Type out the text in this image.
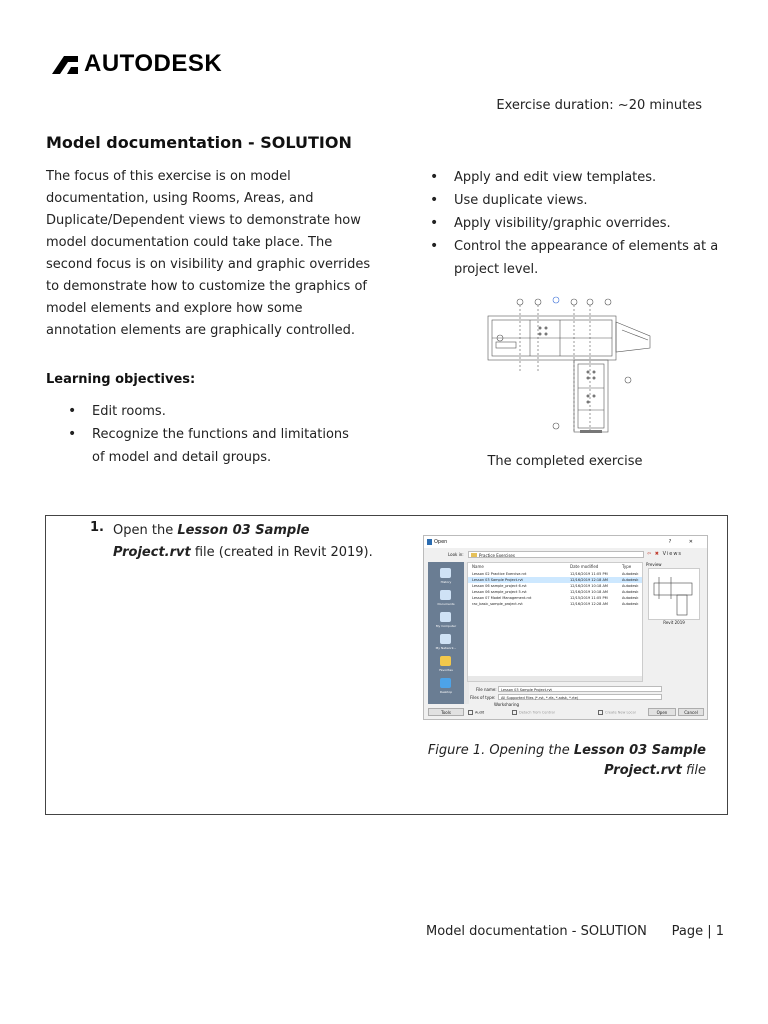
AUTODESK
Exercise duration: ~20 minutes
Model documentation - SOLUTION
The focus of this exercise is on model documentation, using Rooms, Areas, and Duplicate/Dependent views to demonstrate how model documentation could take place. The second focus is on visibility and graphic overrides to demonstrate how to customize the graphics of model elements and explore how some annotation elements are graphically controlled.
Learning objectives:
• Edit rooms.
• Recognize the functions and limitations of model and detail groups.
• Apply and edit view templates.
• Use duplicate views.
• Apply visibility/graphic overrides.
• Control the appearance of elements at a project level.
The completed exercise
1. Open the Lesson 03 Sample Project.rvt file (created in Revit 2019).
Open	? ✕
Look in:	Practice Exercises	⇦ ✖ Views
History
Documents
My Computer
My Network...
Favorites
Desktop
Name	Date modified	Type
Lesson 02 Practice Exercise.rvt	12/16/2019 11:05 PM	Autodesk
Lesson 03 Sample Project.rvt	12/16/2019 12:18 AM	Autodesk
Lesson 06 sample_project 6.rvt	12/16/2019 10:18 AM	Autodesk
Lesson 06 sample_project 5.rvt	12/16/2019 10:18 AM	Autodesk
Lesson 07 Model Management.rvt	12/15/2019 11:05 PM	Autodesk
rac_basic_sample_project.rvt	12/16/2019 12:28 AM	Autodesk
Preview
Revit 2019
File name:	Lesson 03 Sample Project.rvt
Files of type:	All Supported Files (*.rvt, *.rfa, *.adsk, *.rte)
Worksharing
Tools	Audit	Detach from Central	Create New Local	Open	Cancel
Figure 1. Opening the Lesson 03 Sample Project.rvt file
Model documentation - SOLUTION Page | 1
